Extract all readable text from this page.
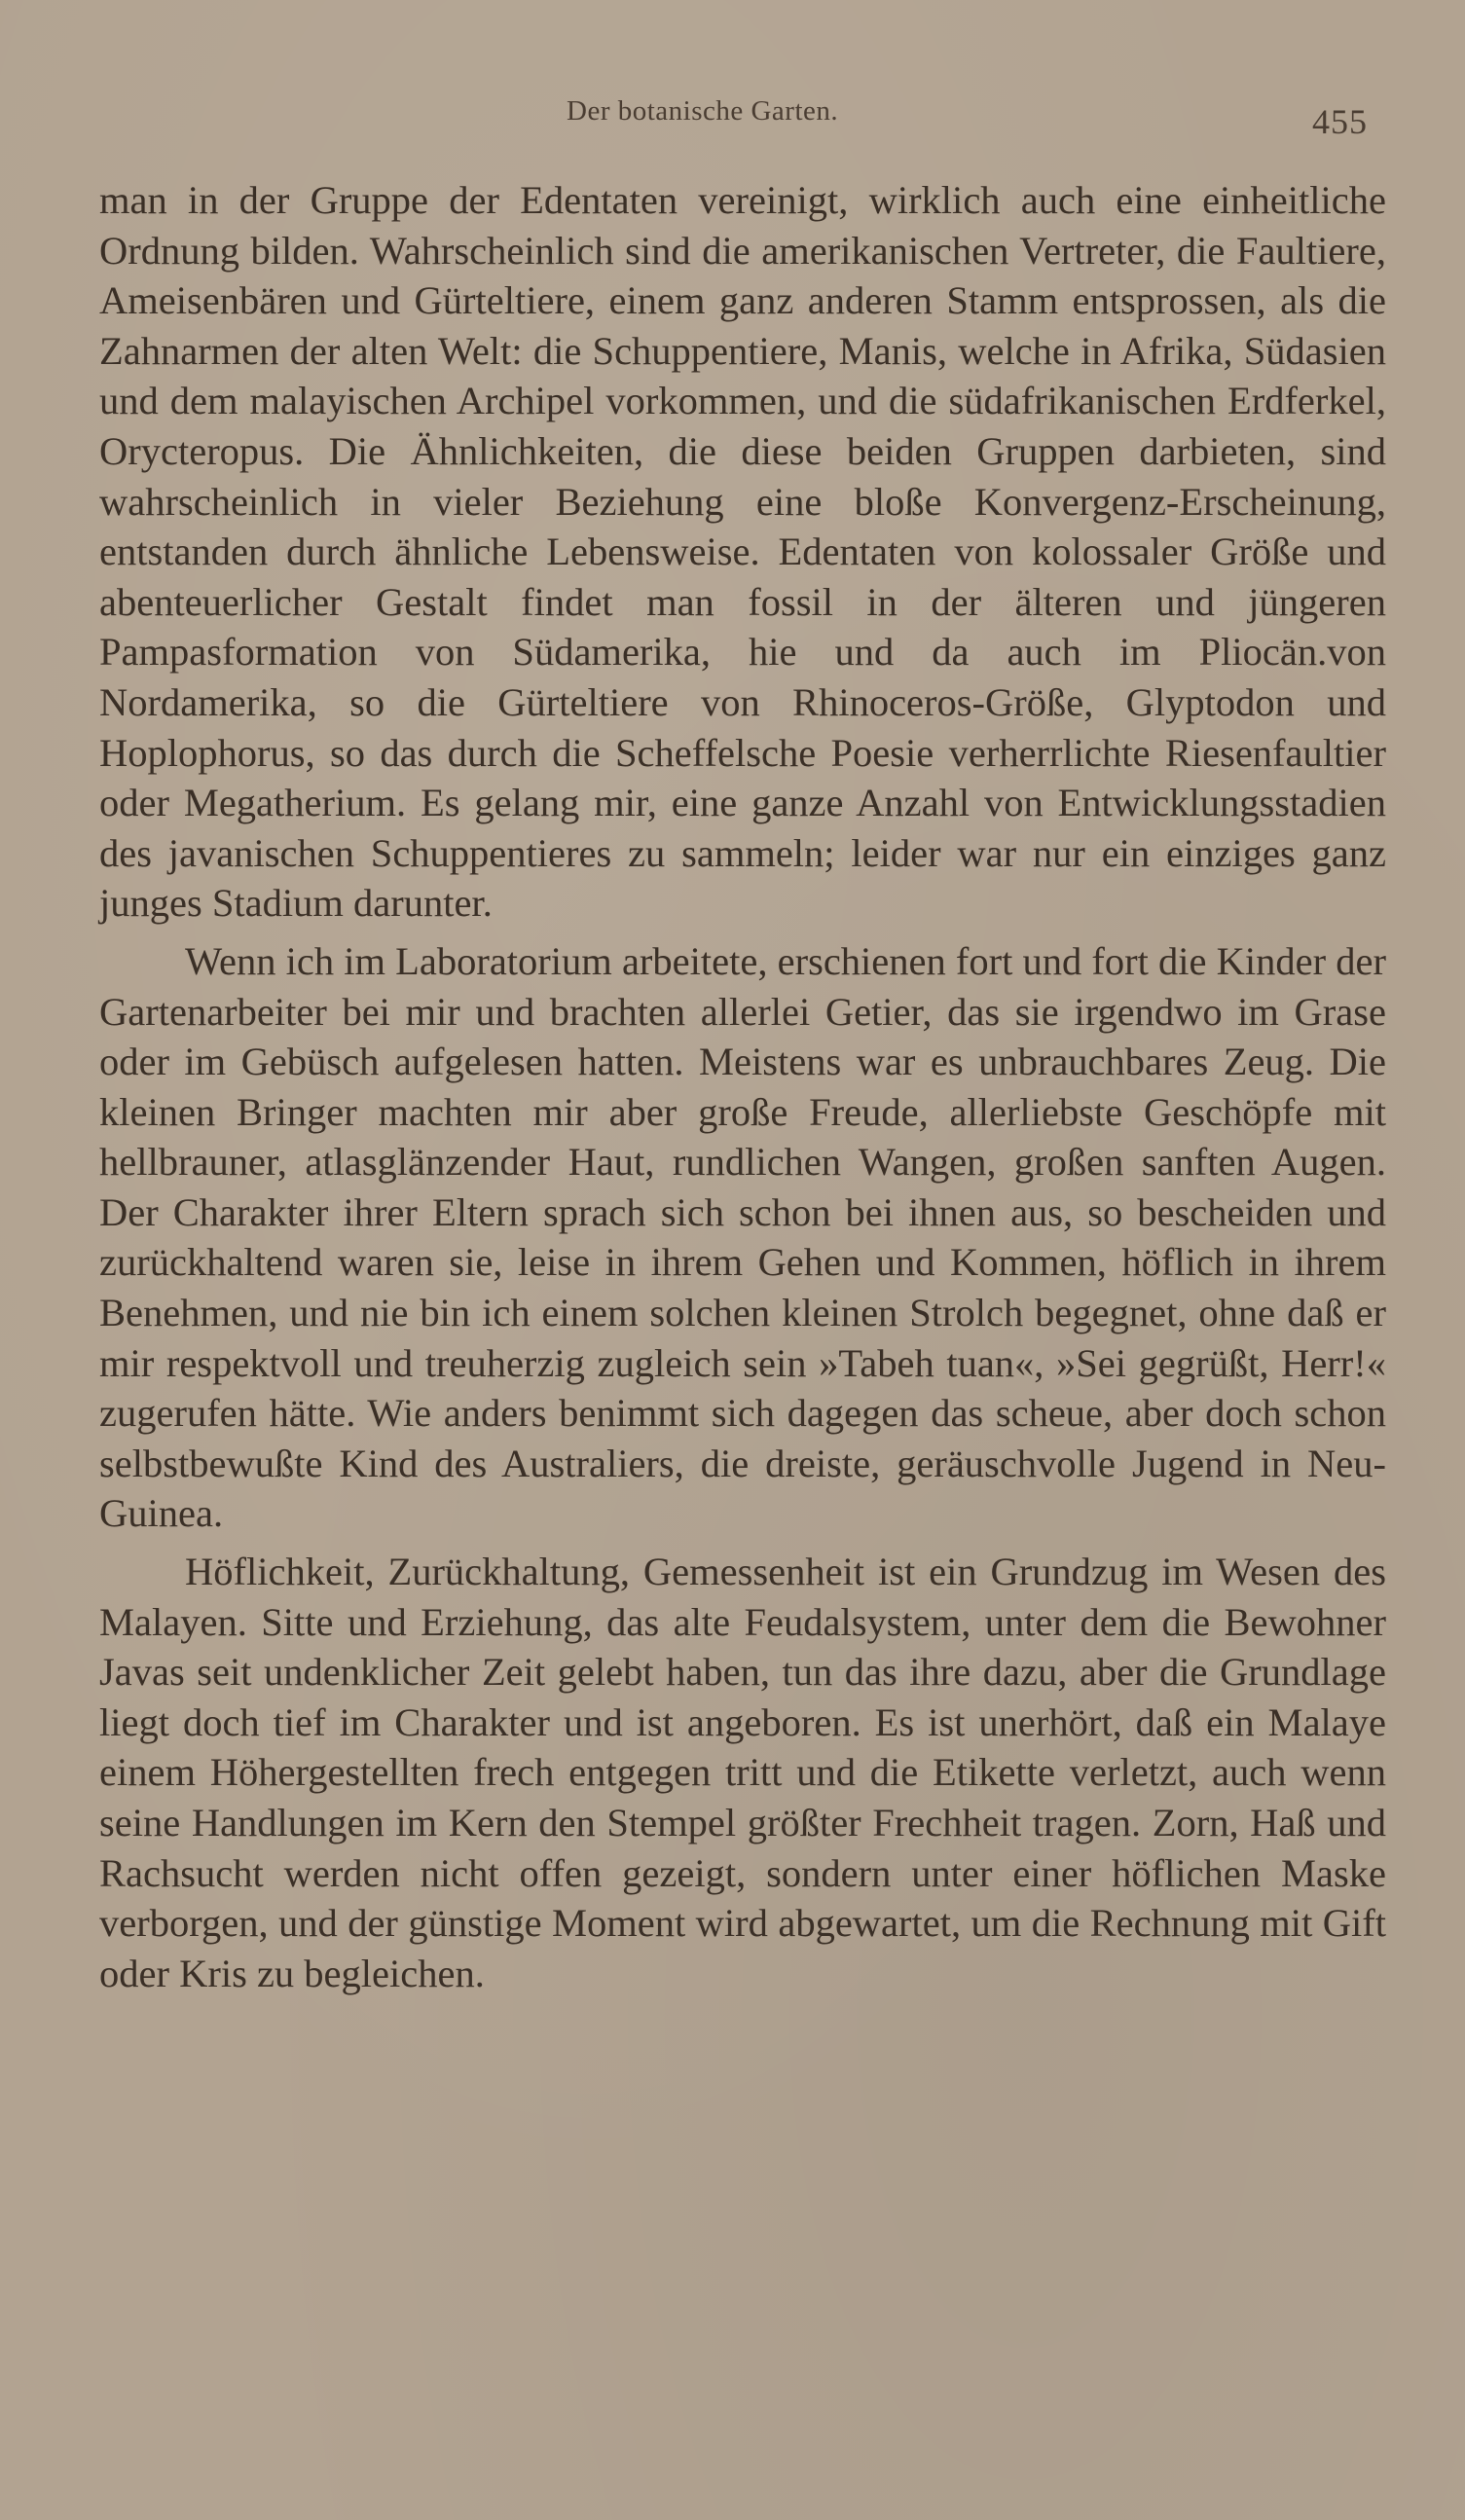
Der botanische Garten.	455

man in der Gruppe der Edentaten vereinigt, wirklich auch eine einheitliche Ordnung bilden. Wahrscheinlich sind die amerikanischen Vertreter, die Faultiere, Ameisenbären und Gürteltiere, einem ganz anderen Stamm entsprossen, als die Zahnarmen der alten Welt: die Schuppentiere, Manis, welche in Afrika, Südasien und dem malayischen Archipel vorkommen, und die südafrikanischen Erdferkel, Orycteropus. Die Ähnlichkeiten, die diese beiden Gruppen darbieten, sind wahrscheinlich in vieler Beziehung eine bloße Konvergenz-Erscheinung, entstanden durch ähnliche Lebensweise. Edentaten von kolossaler Größe und abenteuerlicher Gestalt findet man fossil in der älteren und jüngeren Pampasformation von Südamerika, hie und da auch im Pliocän.von Nordamerika, so die Gürteltiere von Rhinoceros-Größe, Glyptodon und Hoplophorus, so das durch die Scheffelsche Poesie verherrlichte Riesenfaultier oder Megatherium. Es gelang mir, eine ganze Anzahl von Entwicklungsstadien des javanischen Schuppentieres zu sammeln; leider war nur ein einziges ganz junges Stadium darunter.

Wenn ich im Laboratorium arbeitete, erschienen fort und fort die Kinder der Gartenarbeiter bei mir und brachten allerlei Getier, das sie irgendwo im Grase oder im Gebüsch aufgelesen hatten. Meistens war es unbrauchbares Zeug. Die kleinen Bringer machten mir aber große Freude, allerliebste Geschöpfe mit hellbrauner, atlasglänzender Haut, rundlichen Wangen, großen sanften Augen. Der Charakter ihrer Eltern sprach sich schon bei ihnen aus, so bescheiden und zurückhaltend waren sie, leise in ihrem Gehen und Kommen, höflich in ihrem Benehmen, und nie bin ich einem solchen kleinen Strolch begegnet, ohne daß er mir respektvoll und treuherzig zugleich sein »Tabeh tuan«, »Sei gegrüßt, Herr!« zugerufen hätte. Wie anders benimmt sich dagegen das scheue, aber doch schon selbstbewußte Kind des Australiers, die dreiste, geräuschvolle Jugend in Neu-Guinea.

Höflichkeit, Zurückhaltung, Gemessenheit ist ein Grundzug im Wesen des Malayen. Sitte und Erziehung, das alte Feudalsystem, unter dem die Bewohner Javas seit undenklicher Zeit gelebt haben, tun das ihre dazu, aber die Grundlage liegt doch tief im Charakter und ist angeboren. Es ist unerhört, daß ein Malaye einem Höhergestellten frech entgegen tritt und die Etikette verletzt, auch wenn seine Handlungen im Kern den Stempel größter Frechheit tragen. Zorn, Haß und Rachsucht werden nicht offen gezeigt, sondern unter einer höflichen Maske verborgen, und der günstige Moment wird abgewartet, um die Rechnung mit Gift oder Kris zu begleichen.
